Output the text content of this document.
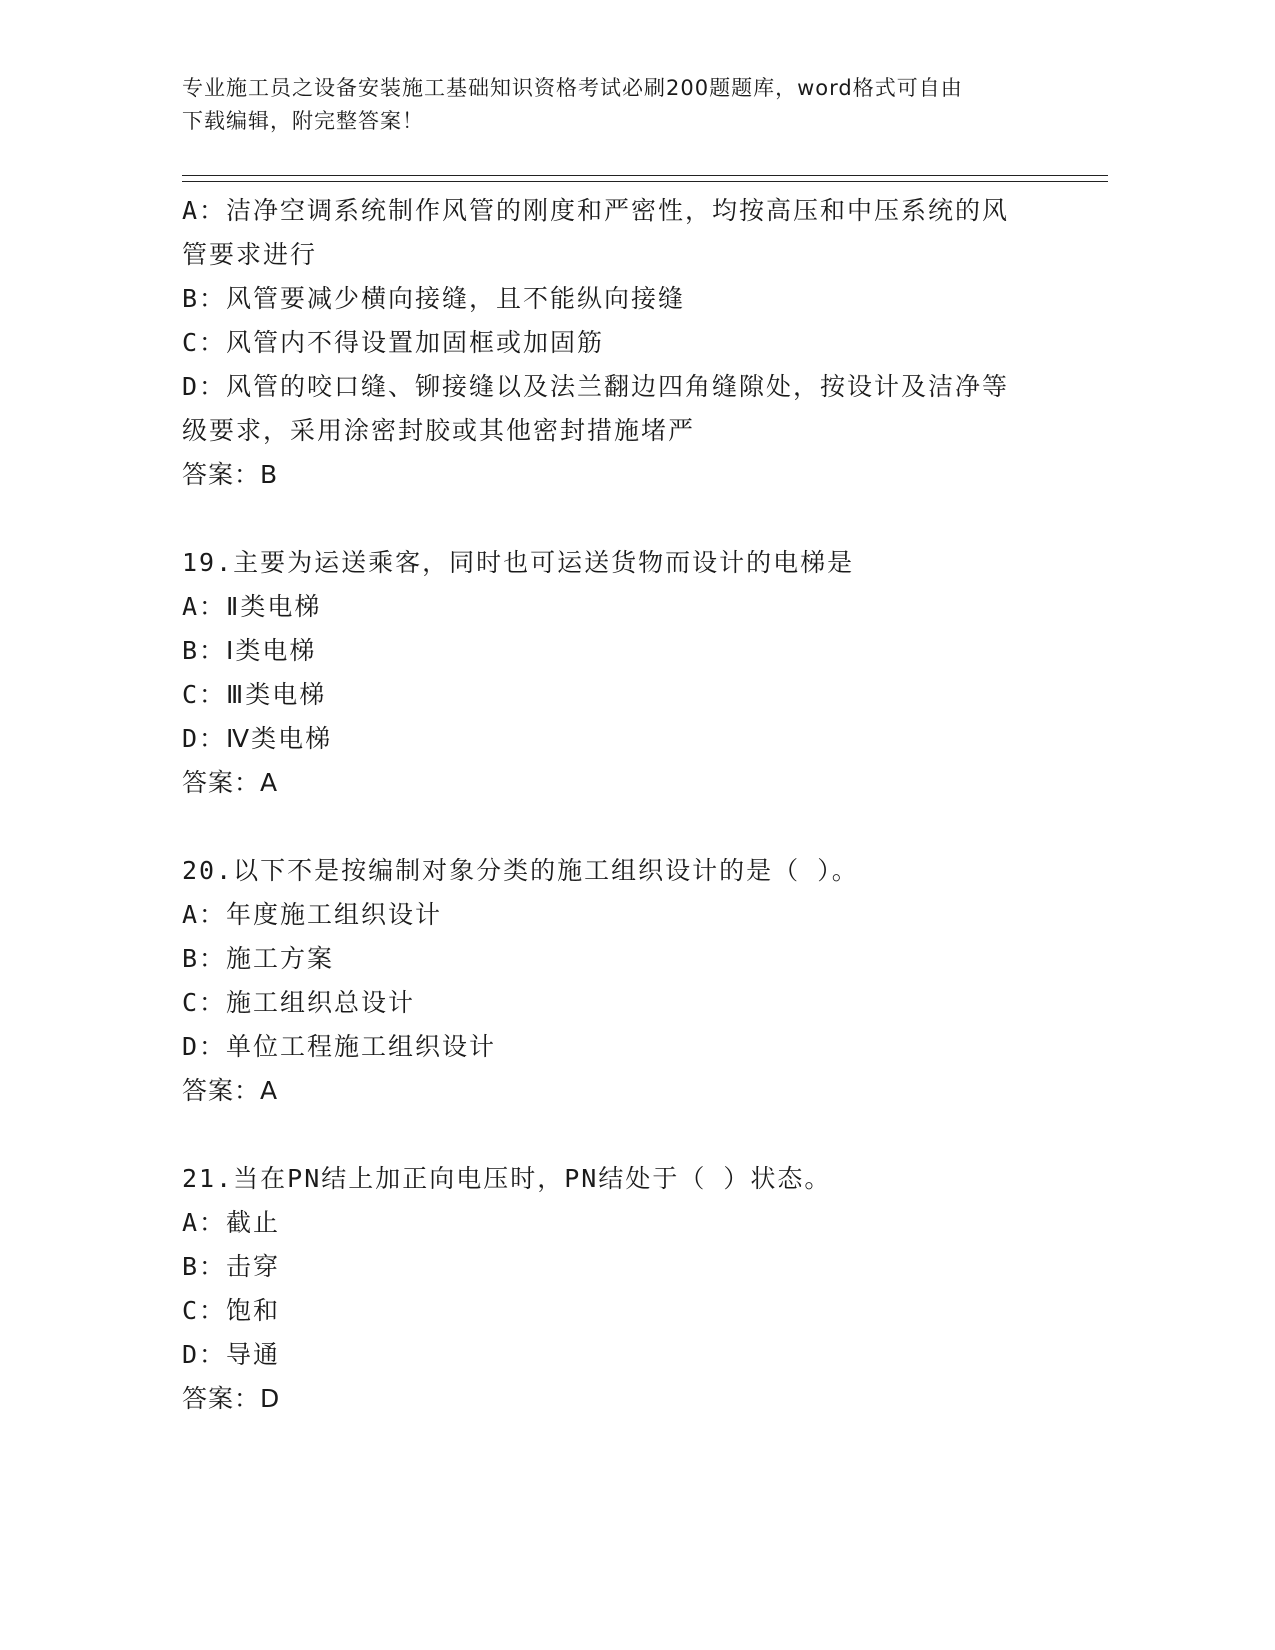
专业施工员之设备安装施工基础知识资格考试必刷200题题库，word格式可自由
下载编辑，附完整答案！
A：洁净空调系统制作风管的刚度和严密性，均按高压和中压系统的风
管要求进行
B：风管要减少横向接缝，且不能纵向接缝
C：风管内不得设置加固框或加固筋
D：风管的咬口缝、铆接缝以及法兰翻边四角缝隙处，按设计及洁净等
级要求，采用涂密封胶或其他密封措施堵严
答案：B
19.主要为运送乘客，同时也可运送货物而设计的电梯是
A：Ⅱ类电梯
B：Ⅰ类电梯
C：Ⅲ类电梯
D：Ⅳ类电梯
答案：A
20.以下不是按编制对象分类的施工组织设计的是（ ）。
A：年度施工组织设计
B：施工方案
C：施工组织总设计
D：单位工程施工组织设计
答案：A
21.当在PN结上加正向电压时，PN结处于（ ）状态。
A：截止
B：击穿
C：饱和
D：导通
答案：D
